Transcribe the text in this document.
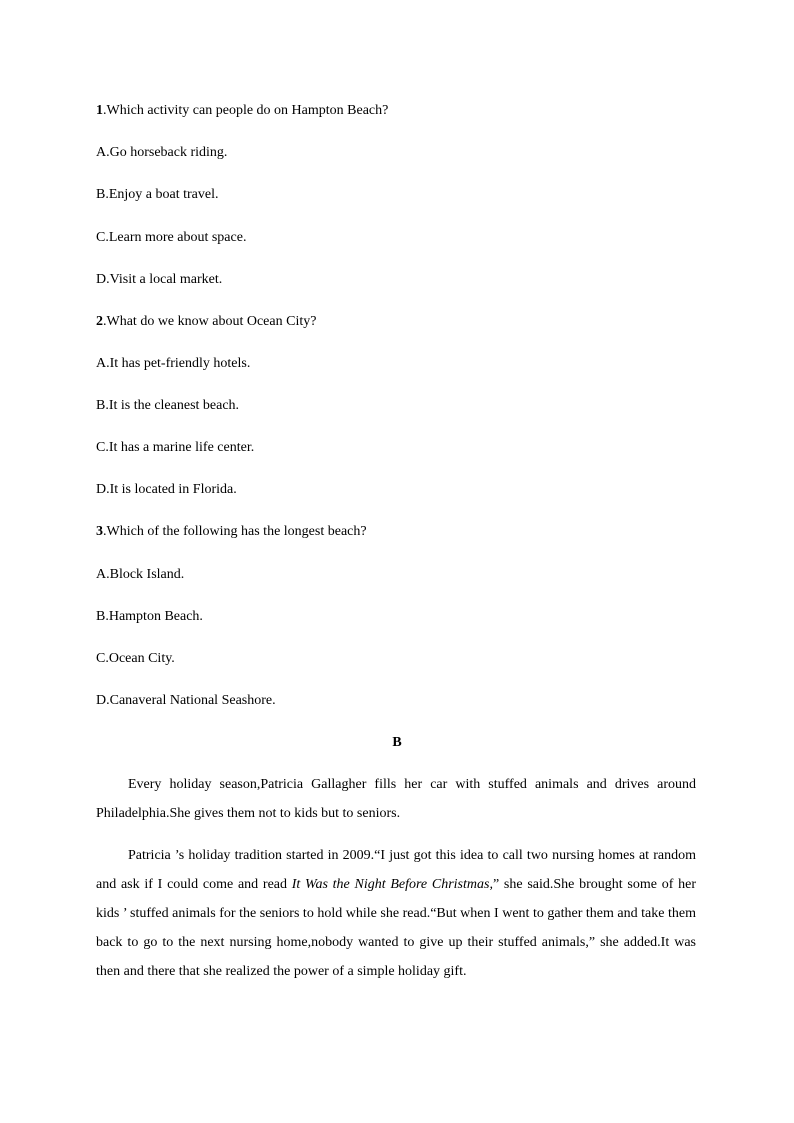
1.Which activity can people do on Hampton Beach?
A.Go horseback riding.
B.Enjoy a boat travel.
C.Learn more about space.
D.Visit a local market.
2.What do we know about Ocean City?
A.It has pet-friendly hotels.
B.It is the cleanest beach.
C.It has a marine life center.
D.It is located in Florida.
3.Which of the following has the longest beach?
A.Block Island.
B.Hampton Beach.
C.Ocean City.
D.Canaveral National Seashore.
B

Every holiday season,Patricia Gallagher fills her car with stuffed animals and drives around Philadelphia.She gives them not to kids but to seniors.

Patricia ’s holiday tradition started in 2009.“I just got this idea to call two nursing homes at random and ask if I could come and read It Was the Night Before Christmas,” she said.She brought some of her kids ’ stuffed animals for the seniors to hold while she read.“But when I went to gather them and take them back to go to the next nursing home,nobody wanted to give up their stuffed animals,” she added.It was then and there that she realized the power of a simple holiday gift.
